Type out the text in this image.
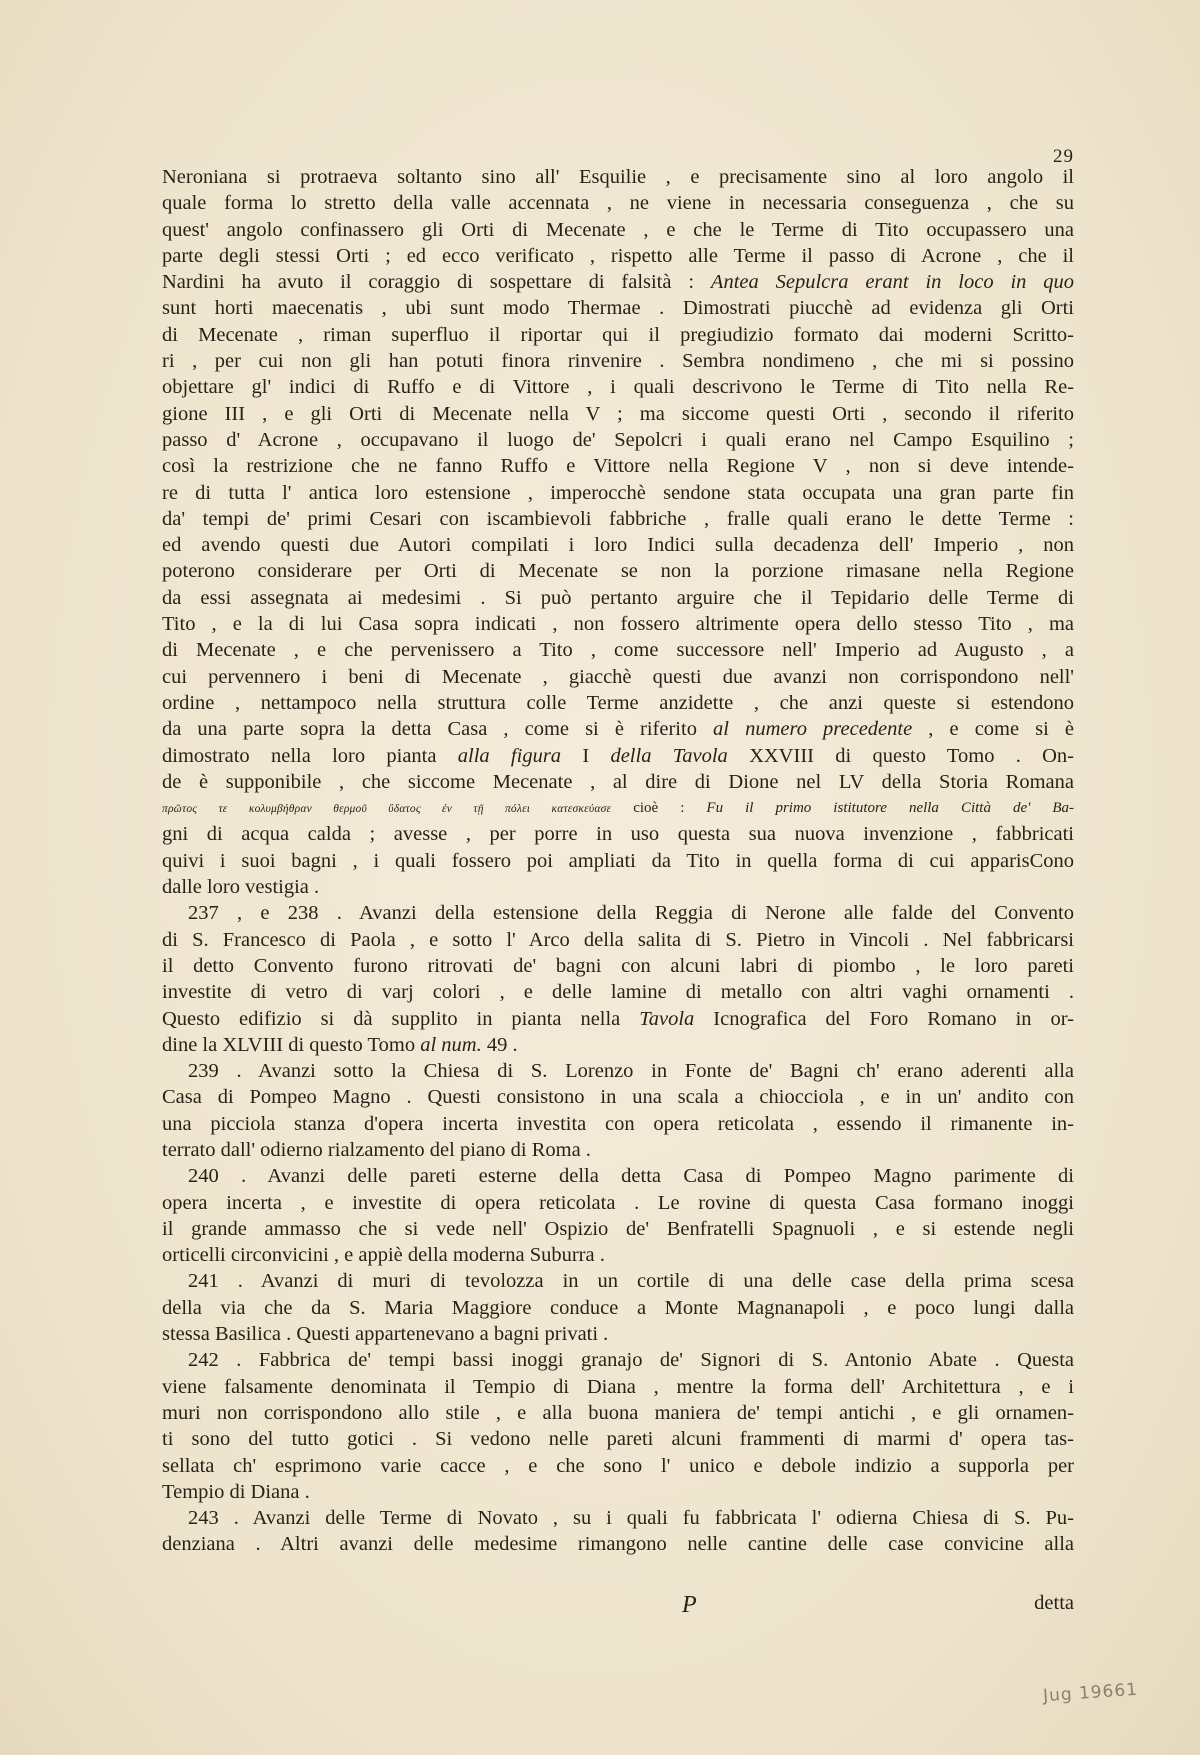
29
Neroniana si protraeva soltanto sino all' Esquilie , e precisamente sino al loro angolo il
quale forma lo stretto della valle accennata , ne viene in necessaria conseguenza , che su
quest' angolo confinassero gli Orti di Mecenate , e che le Terme di Tito occupassero una
parte degli stessi Orti ; ed ecco verificato , rispetto alle Terme il passo di Acrone , che il
Nardini ha avuto il coraggio di sospettare di falsità : Antea Sepulcra erant in loco in quo
sunt horti maecenatis , ubi sunt modo Thermae . Dimostrati piucchè ad evidenza gli Orti
di Mecenate , riman superfluo il riportar qui il pregiudizio formato dai moderni Scritto-
ri , per cui non gli han potuti finora rinvenire . Sembra nondimeno , che mi si possino
objettare gl' indici di Ruffo e di Vittore , i quali descrivono le Terme di Tito nella Re-
gione III , e gli Orti di Mecenate nella V ; ma siccome questi Orti , secondo il riferito
passo d' Acrone , occupavano il luogo de' Sepolcri i quali erano nel Campo Esquilino ;
così la restrizione che ne fanno Ruffo e Vittore nella Regione V , non si deve intende-
re di tutta l' antica loro estensione , imperocchè sendone stata occupata una gran parte fin
da' tempi de' primi Cesari con iscambievoli fabbriche , fralle quali erano le dette Terme :
ed avendo questi due Autori compilati i loro Indici sulla decadenza dell' Imperio , non
poterono considerare per Orti di Mecenate se non la porzione rimasane nella Regione
da essi assegnata ai medesimi . Si può pertanto arguire che il Tepidario delle Terme di
Tito , e la di lui Casa sopra indicati , non fossero altrimente opera dello stesso Tito , ma
di Mecenate , e che pervenissero a Tito , come successore nell' Imperio ad Augusto , a
cui pervennero i beni di Mecenate , giacchè questi due avanzi non corrispondono nell'
ordine , nettampoco nella struttura colle Terme anzidette , che anzi queste si estendono
da una parte sopra la detta Casa , come si è riferito al numero precedente , e come si è
dimostrato nella loro pianta alla figura I della Tavola XXVIII di questo Tomo . On-
de è supponibile , che siccome Mecenate , al dire di Dione nel LV della Storia Romana
πρῶτος τε κολυμβήθραν θερμοῦ ὕδατος ἐν τῇ πόλει κατεσκεύασε cioè : Fu il primo istitutore nella Città de' Ba-
gni di acqua calda ; avesse , per porre in uso questa sua nuova invenzione , fabbricati
quivi i suoi bagni , i quali fossero poi ampliati da Tito in quella forma di cui apparisCono
dalle loro vestigia .
237 , e 238 . Avanzi della estensione della Reggia di Nerone alle falde del Convento
di S. Francesco di Paola , e sotto l' Arco della salita di S. Pietro in Vincoli . Nel fabbricarsi
il detto Convento furono ritrovati de' bagni con alcuni labri di piombo , le loro pareti
investite di vetro di varj colori , e delle lamine di metallo con altri vaghi ornamenti .
Questo edifizio si dà supplito in pianta nella Tavola Icnografica del Foro Romano in or-
dine la XLVIII di questo Tomo al num. 49 .
239 . Avanzi sotto la Chiesa di S. Lorenzo in Fonte de' Bagni ch' erano aderenti alla
Casa di Pompeo Magno . Questi consistono in una scala a chiocciola , e in un' andito con
una picciola stanza d'opera incerta investita con opera reticolata , essendo il rimanente in-
terrato dall' odierno rialzamento del piano di Roma .
240 . Avanzi delle pareti esterne della detta Casa di Pompeo Magno parimente di
opera incerta , e investite di opera reticolata . Le rovine di questa Casa formano inoggi
il grande ammasso che si vede nell' Ospizio de' Benfratelli Spagnuoli , e si estende negli
orticelli circonvicini , e appiè della moderna Suburra .
241 . Avanzi di muri di tevolozza in un cortile di una delle case della prima scesa
della via che da S. Maria Maggiore conduce a Monte Magnanapoli , e poco lungi dalla
stessa Basilica . Questi appartenevano a bagni privati .
242 . Fabbrica de' tempi bassi inoggi granajo de' Signori di S. Antonio Abate . Questa
viene falsamente denominata il Tempio di Diana , mentre la forma dell' Architettura , e i
muri non corrispondono allo stile , e alla buona maniera de' tempi antichi , e gli ornamen-
ti sono del tutto gotici . Si vedono nelle pareti alcuni frammenti di marmi d' opera tas-
sellata ch' esprimono varie cacce , e che sono l' unico e debole indizio a supporla per
Tempio di Diana .
243 . Avanzi delle Terme di Novato , su i quali fu fabbricata l' odierna Chiesa di S. Pu-
denziana . Altri avanzi delle medesime rimangono nelle cantine delle case convicine alla
P	detta
Jug 19661
